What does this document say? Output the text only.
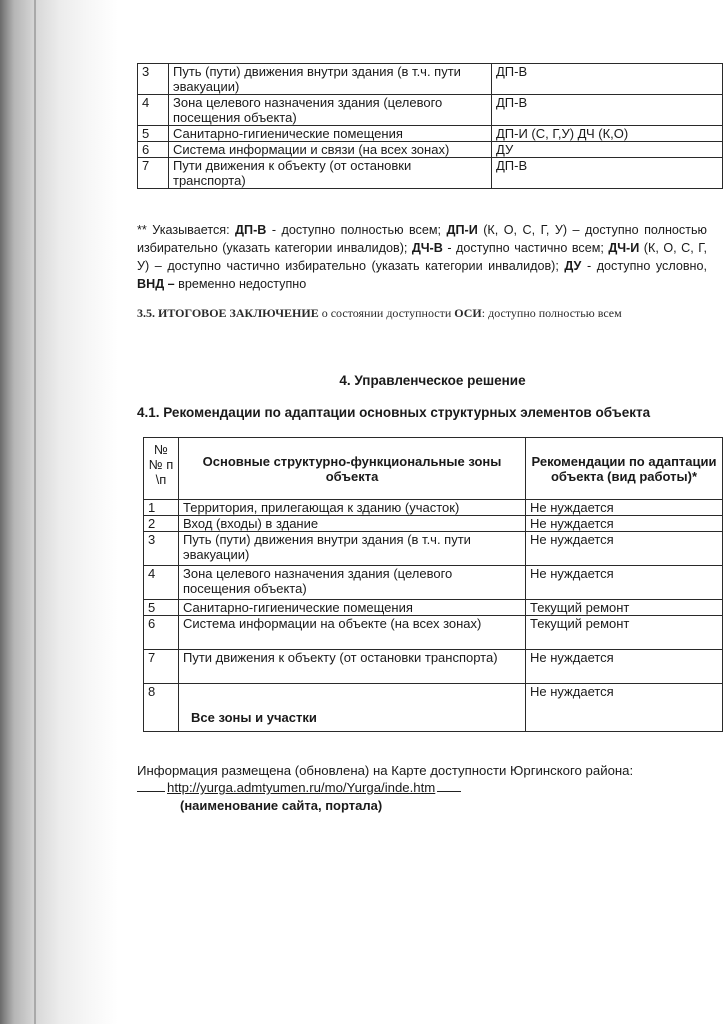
3	Путь (пути) движения внутри здания (в т.ч. пути эвакуации)	ДП-В
4	Зона целевого назначения здания (целевого посещения объекта)	ДП-В
5	Санитарно-гигиенические помещения	ДП-И (С, Г,У) ДЧ (К,О)
6	Система информации и связи (на всех зонах)	ДУ
7	Пути движения к объекту (от остановки транспорта)	ДП-В
** Указывается: ДП-В - доступно полностью всем; ДП-И (К, О, С, Г, У) – доступно полностью избирательно (указать категории инвалидов); ДЧ-В - доступно частично всем; ДЧ-И (К, О, С, Г, У) – доступно частично избирательно (указать категории инвалидов); ДУ - доступно условно, ВНД – временно недоступно
3.5. ИТОГОВОЕ ЗАКЛЮЧЕНИЕ о состоянии доступности ОСИ: доступно полностью всем
4. Управленческое решение
4.1. Рекомендации по адаптации основных структурных элементов объекта
№ № п \п	Основные структурно-функциональные зоны объекта	Рекомендации по адаптации объекта (вид работы)*
1	Территория, прилегающая к зданию (участок)	Не нуждается
2	Вход (входы) в здание	Не нуждается
3	Путь (пути) движения внутри здания (в т.ч. пути эвакуации)	Не нуждается
4	Зона целевого назначения здания (целевого посещения объекта)	Не нуждается
5	Санитарно-гигиенические помещения	Текущий ремонт
6	Система информации на объекте (на всех зонах)	Текущий ремонт
7	Пути движения к объекту (от остановки транспорта)	Не нуждается
8	Все зоны и участки	Не нуждается
Информация размещена (обновлена) на Карте доступности Юргинского района:
http://yurga.admtyumen.ru/mo/Yurga/inde.htm
(наименование сайта, портала)
